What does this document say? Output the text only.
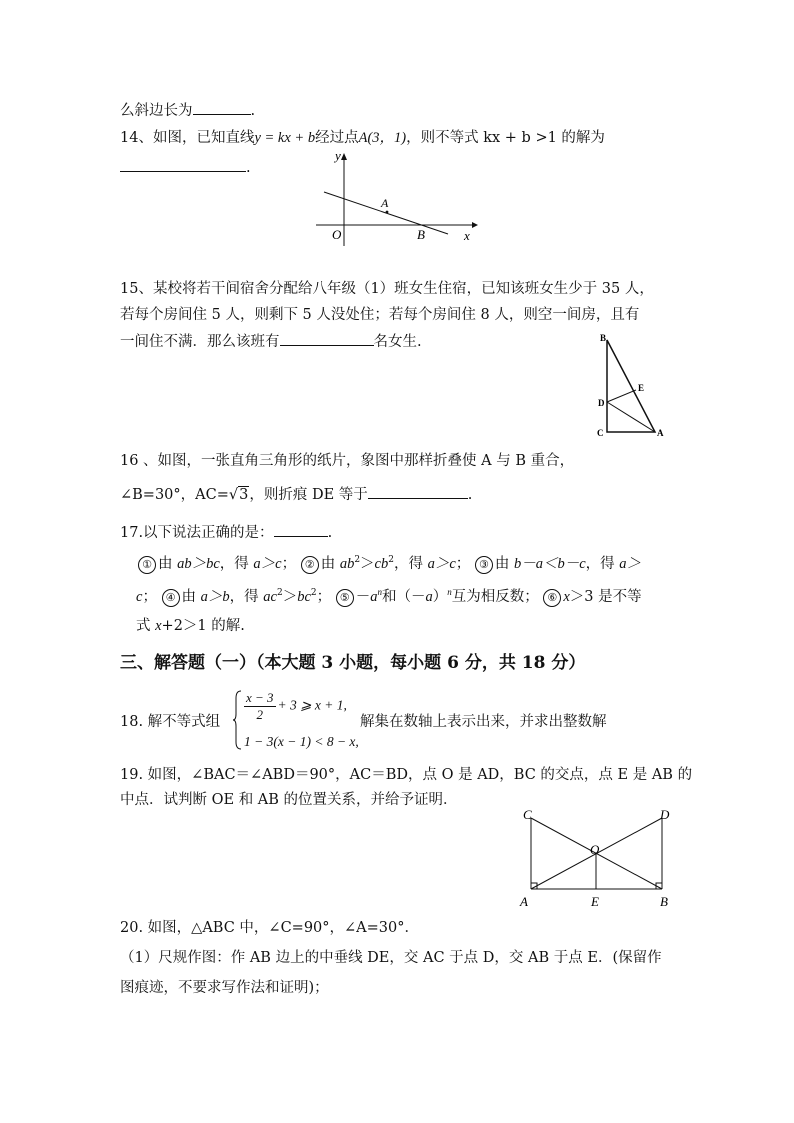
么斜边长为	.
14、如图，已知直线y = kx + b经过点A(3，1)，则不等式 kx + b >1 的解为
.
y
x
O
A
B
15、某校将若干间宿舍分配给八年级（1）班女生住宿，已知该班女生少于 35 人，
若每个房间住 5 人，则剩下 5 人没处住；若每个房间住 8 人，则空一间房，且有
一间住不满．那么该班有	名女生.	B
E
D
C	A
16 、如图，一张直角三角形的纸片，象图中那样折叠使 A 与 B 重合，
∠B=30°，AC=√3，则折痕 DE 等于	.
17.以下说法正确的是：	.
① 由 ab＞bc，得 a＞c； ② 由 $ab^2>cb^2$，得 a＞c； ③ 由 b－a＜b－c，得 a＞
c； ④ 由 a＞b，得 $ac^2>bc^2$； ⑤ $-a^n$和$(-a)^n$互为相反数； ⑥ x＞3 是不等
式 x+2＞1 的解.
三、解答题（一）（本大题 3 小题，每小题 6 分，共 18 分）
18. 解不等式组 $\frac{x - 3}{2} + 3$ ⩾ x + 1,
1 − 3(x − 1) < 8 − x,
解集在数轴上表示出来，并求出整数解
19. 如图，∠BAC＝∠ABD＝90°，AC＝BD，点 O 是 AD，BC 的交点，点 E 是 AB 的
中点．试判断 OE 和 AB 的位置关系，并给予证明．
C	D
O
A	E	B
20. 如图，△ABC 中，∠C=90°，∠A=30°．
（1）尺规作图：作 AB 边上的中垂线 DE，交 AC 于点 D，交 AB 于点 E．(保留作
图痕迹，不要求写作法和证明)；
